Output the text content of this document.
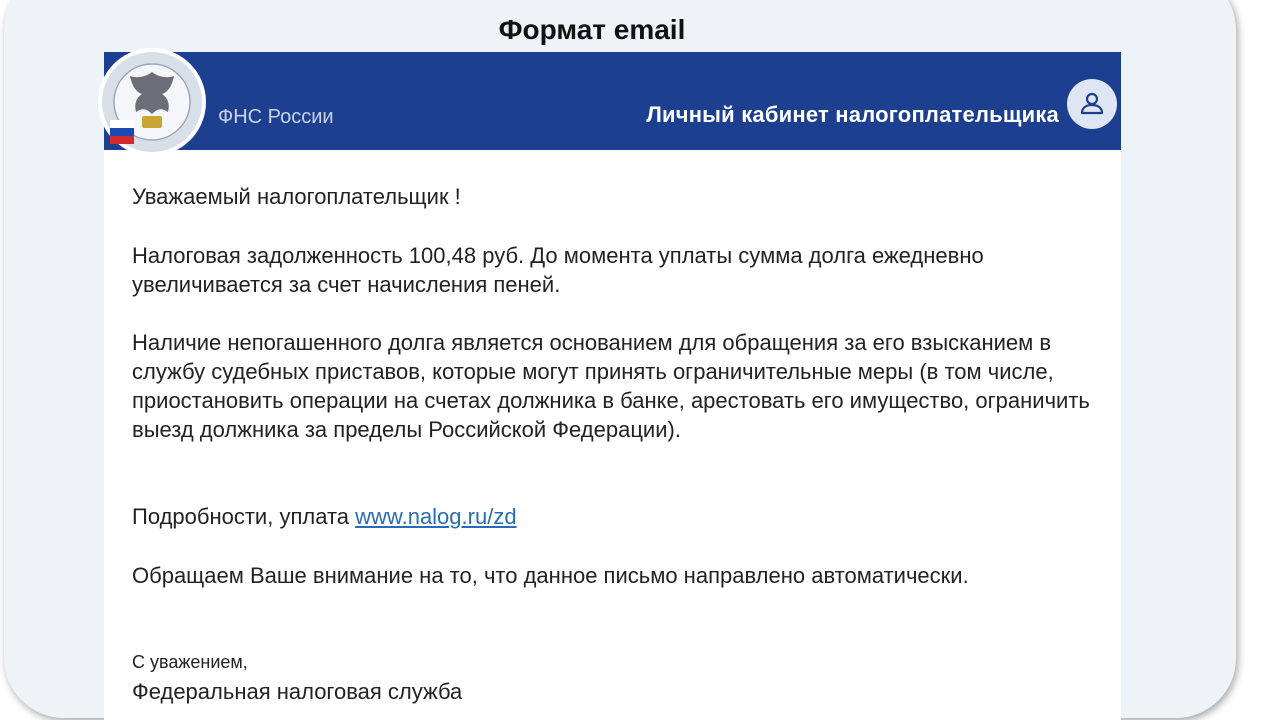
Формат email
ФНС России	Личный кабинет налогоплательщика

Уважаемый налогоплательщик !

Налоговая задолженность 100,48 руб. До момента уплаты сумма долга ежедневно увеличивается за счет начисления пеней.

Наличие непогашенного долга является основанием для обращения за его взысканием в службу судебных приставов, которые могут принять ограничительные меры (в том числе, приостановить операции на счетах должника в банке, арестовать его имущество, ограничить выезд должника за пределы Российской Федерации).

Подробности, уплата www.nalog.ru/zd

Обращаем Ваше внимание на то, что данное письмо направлено автоматически.

С уважением,

Федеральная налоговая служба
